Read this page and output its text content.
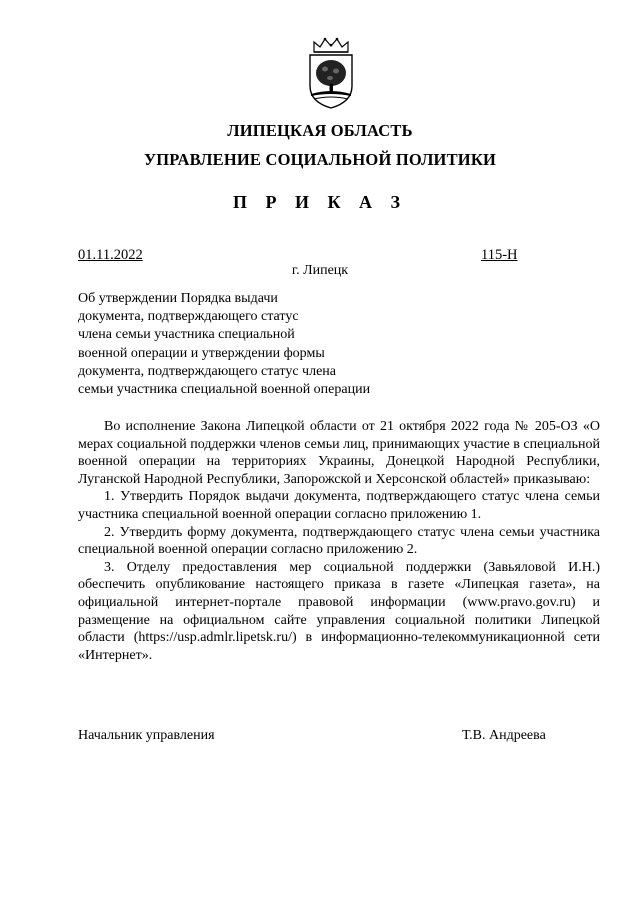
ЛИПЕЦКАЯ ОБЛАСТЬ
УПРАВЛЕНИЕ СОЦИАЛЬНОЙ ПОЛИТИКИ
П Р И К А З
01.11.2022	115-Н
г. Липецк
Об утверждении Порядка выдачи
документа, подтверждающего статус
члена семьи участника специальной
военной операции и утверждении формы
документа, подтверждающего статус члена
семьи участника специальной военной операции

Во исполнение Закона Липецкой области от 21 октября 2022 года № 205-ОЗ «О мерах социальной поддержки членов семьи лиц, принимающих участие в специальной военной операции на территориях Украины, Донецкой Народной Республики, Луганской Народной Республики, Запорожской и Херсонской областей» приказываю:

1. Утвердить Порядок выдачи документа, подтверждающего статус члена семьи участника специальной военной операции согласно приложению 1.

2. Утвердить форму документа, подтверждающего статус члена семьи участника специальной военной операции согласно приложению 2.

3. Отделу предоставления мер социальной поддержки (Завьяловой И.Н.) обеспечить опубликование настоящего приказа в газете «Липецкая газета», на официальной интернет-портале правовой информации (www.pravo.gov.ru) и размещение на официальном сайте управления социальной политики Липецкой области (https://usp.admlr.lipetsk.ru/) в информационно-телекоммуникационной сети «Интернет».

Начальник управления	Т.В. Андреева
